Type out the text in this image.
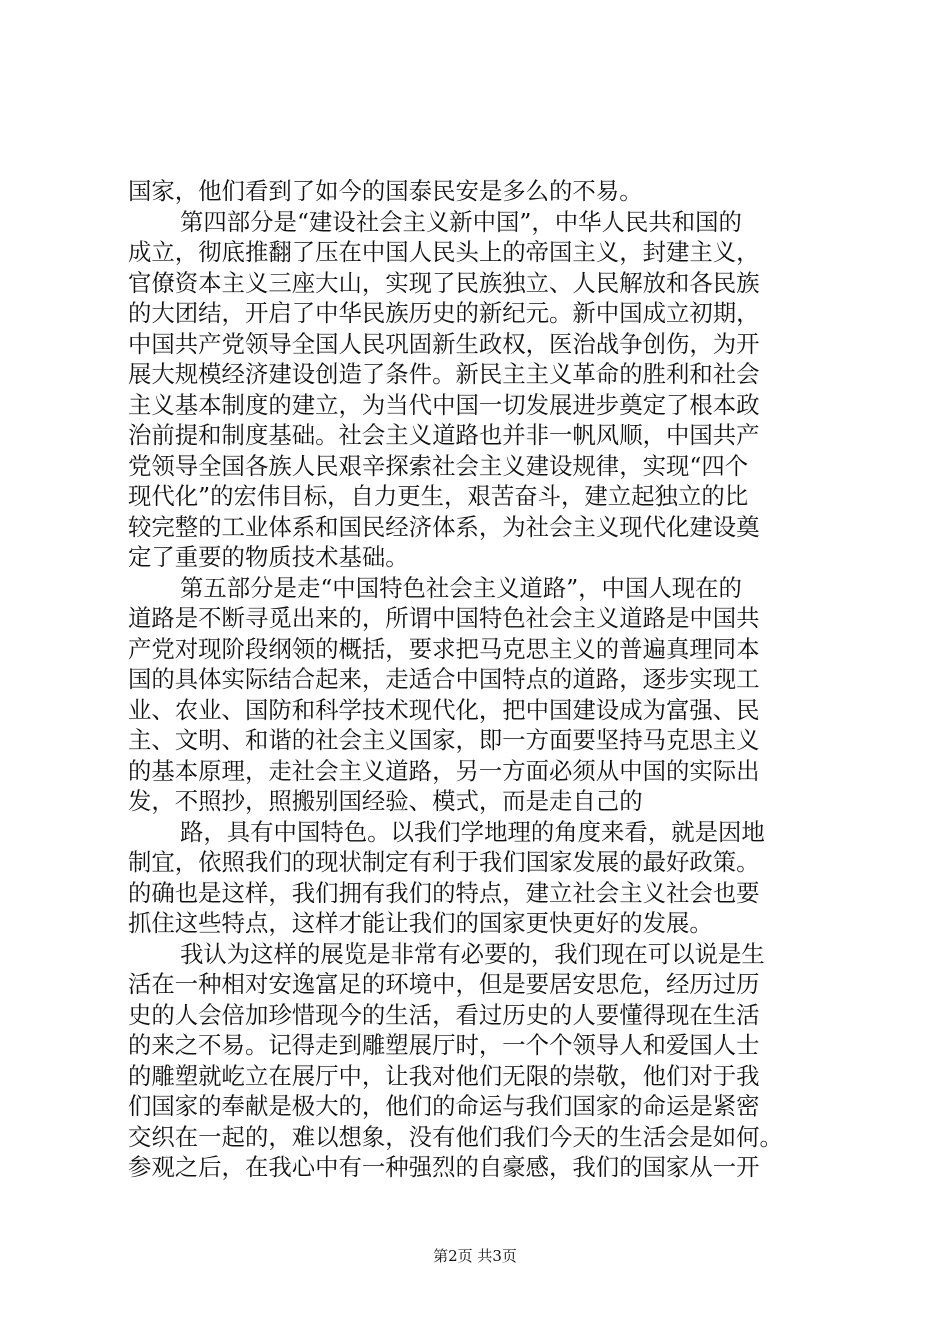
国家，他们看到了如今的国泰民安是多么的不易。
第四部分是“建设社会主义新中国”，中华人民共和国的
成立，彻底推翻了压在中国人民头上的帝国主义，封建主义，
官僚资本主义三座大山，实现了民族独立、人民解放和各民族
的大团结，开启了中华民族历史的新纪元。新中国成立初期，
中国共产党领导全国人民巩固新生政权，医治战争创伤，为开
展大规模经济建设创造了条件。新民主主义革命的胜利和社会
主义基本制度的建立，为当代中国一切发展进步奠定了根本政
治前提和制度基础。社会主义道路也并非一帆风顺，中国共产
党领导全国各族人民艰辛探索社会主义建设规律，实现“四个
现代化”的宏伟目标，自力更生，艰苦奋斗，建立起独立的比
较完整的工业体系和国民经济体系，为社会主义现代化建设奠
定了重要的物质技术基础。
第五部分是走“中国特色社会主义道路”，中国人现在的
道路是不断寻觅出来的，所谓中国特色社会主义道路是中国共
产党对现阶段纲领的概括，要求把马克思主义的普遍真理同本
国的具体实际结合起来，走适合中国特点的道路，逐步实现工
业、农业、国防和科学技术现代化，把中国建设成为富强、民
主、文明、和谐的社会主义国家，即一方面要坚持马克思主义
的基本原理，走社会主义道路，另一方面必须从中国的实际出
发，不照抄，照搬别国经验、模式，而是走自己的
路，具有中国特色。以我们学地理的角度来看，就是因地
制宜，依照我们的现状制定有利于我们国家发展的最好政策。
的确也是这样，我们拥有我们的特点，建立社会主义社会也要
抓住这些特点，这样才能让我们的国家更快更好的发展。
我认为这样的展览是非常有必要的，我们现在可以说是生
活在一种相对安逸富足的环境中，但是要居安思危，经历过历
史的人会倍加珍惜现今的生活，看过历史的人要懂得现在生活
的来之不易。记得走到雕塑展厅时，一个个领导人和爱国人士
的雕塑就屹立在展厅中，让我对他们无限的崇敬，他们对于我
们国家的奉献是极大的，他们的命运与我们国家的命运是紧密
交织在一起的，难以想象，没有他们我们今天的生活会是如何。
参观之后，在我心中有一种强烈的自豪感，我们的国家从一开
第2页 共3页
